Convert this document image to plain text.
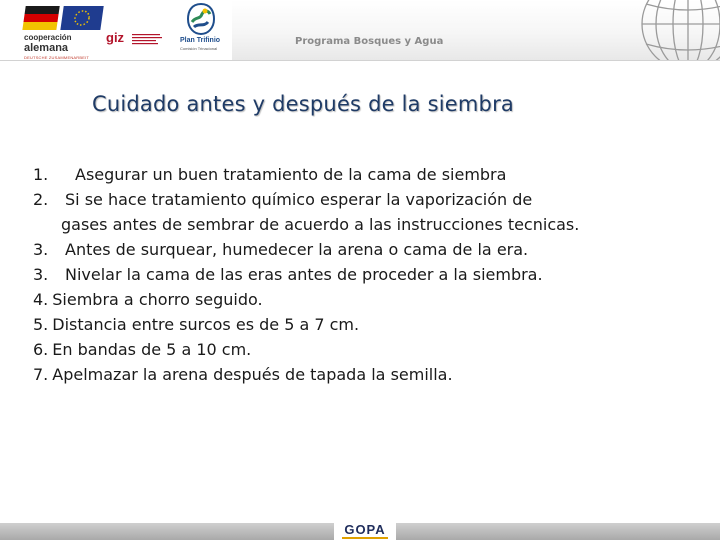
cooperación
alemana
DEUTSCHE ZUSAMMENARBEIT
giz	Plan Trifinio
Comisión Trinacional
Programa Bosques y Agua
Cuidado antes y después de la siembra
1. Asegurar un buen tratamiento de la cama de siembra
2. Si se hace tratamiento químico esperar la vaporización de
gases antes de sembrar de acuerdo a las instrucciones tecnicas.
3. Antes de surquear, humedecer la arena o cama de la era.
3. Nivelar la cama de las eras antes de proceder a la siembra.
4. Siembra a chorro seguido.
5. Distancia entre surcos es de 5 a 7 cm.
6. En bandas de 5 a 10 cm.
7. Apelmazar la arena después de tapada la semilla.
GOPA
